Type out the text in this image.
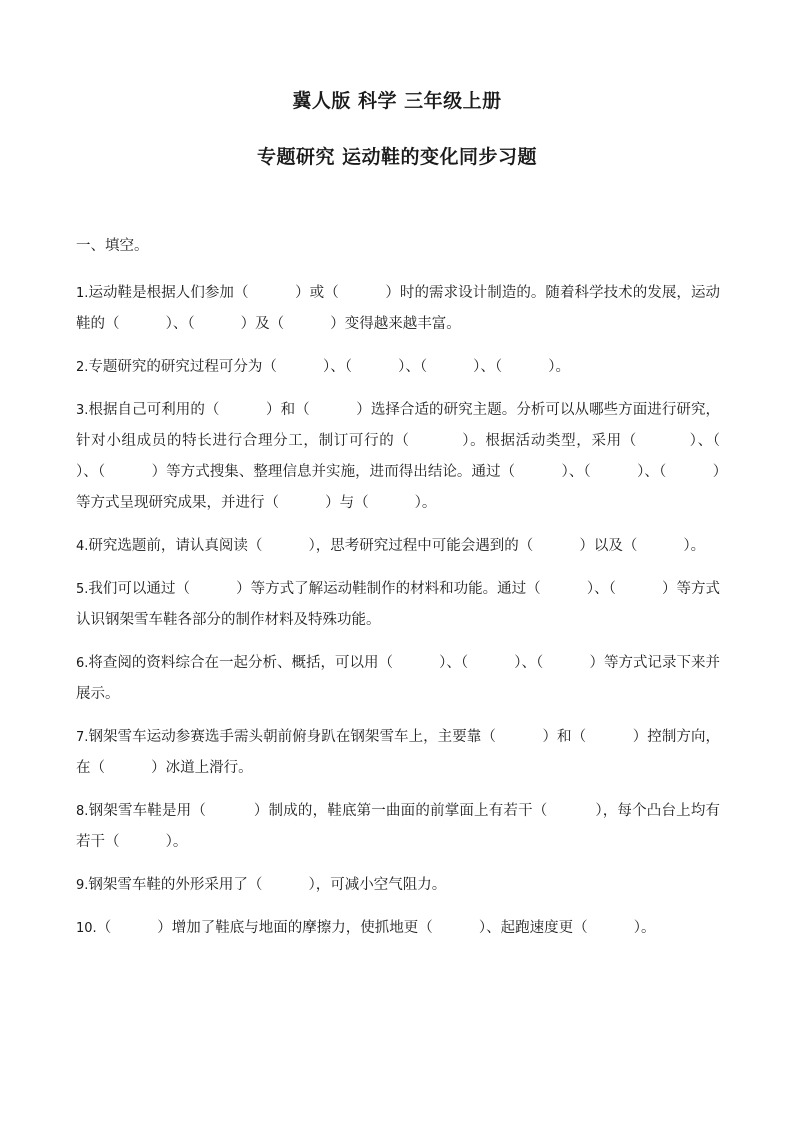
冀人版 科学 三年级上册
专题研究 运动鞋的变化同步习题
一、填空。

1.运动鞋是根据人们参加（          ）或（          ）时的需求设计制造的。随着科学技术的发展，运动鞋的（          ）、（          ）及（          ）变得越来越丰富。

2.专题研究的研究过程可分为（          ）、（          ）、（          ）、（          ）。

3.根据自己可利用的（          ）和（          ）选择合适的研究主题。分析可以从哪些方面进行研究，针对小组成员的特长进行合理分工，制订可行的（          ）。根据活动类型，采用（          ）、（          ）、（          ）等方式搜集、整理信息并实施，进而得出结论。通过（          ）、（          ）、（          ）等方式呈现研究成果，并进行（          ）与（          ）。

4.研究选题前，请认真阅读（          ），思考研究过程中可能会遇到的（          ）以及（          ）。

5.我们可以通过（          ）等方式了解运动鞋制作的材料和功能。通过（          ）、（          ）等方式认识钢架雪车鞋各部分的制作材料及特殊功能。

6.将查阅的资料综合在一起分析、概括，可以用（          ）、（          ）、（          ）等方式记录下来并展示。

7.钢架雪车运动参赛选手需头朝前俯身趴在钢架雪车上，主要靠（          ）和（          ）控制方向，在（          ）冰道上滑行。

8.钢架雪车鞋是用（          ）制成的，鞋底第一曲面的前掌面上有若干（          ），每个凸台上均有若干（          ）。

9.钢架雪车鞋的外形采用了（          ），可减小空气阻力。

10.（          ）增加了鞋底与地面的摩擦力，使抓地更（          ）、起跑速度更（          ）。
